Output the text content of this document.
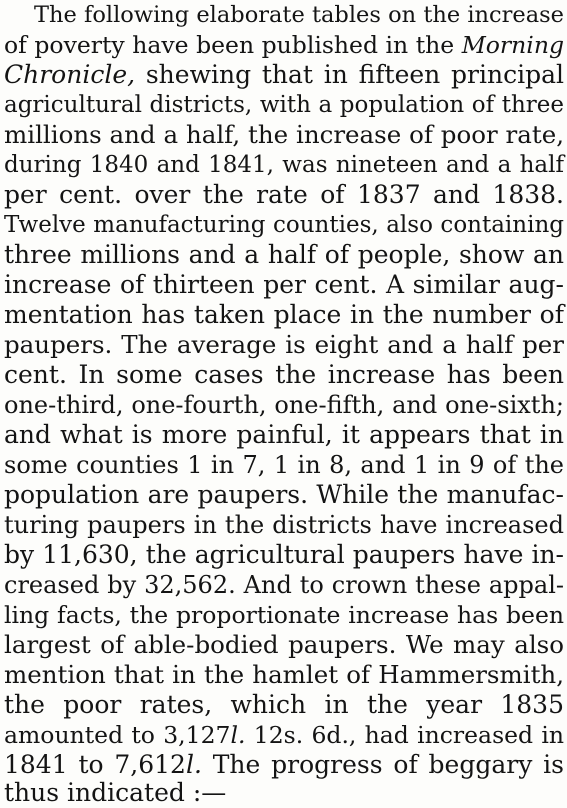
The following elaborate tables on the increase
of poverty have been published in the Morning
Chronicle, shewing that in fifteen principal
agricultural districts, with a population of three
millions and a half, the increase of poor rate,
during 1840 and 1841, was nineteen and a half
per cent. over the rate of 1837 and 1838.
Twelve manufacturing counties, also containing
three millions and a half of people, show an
increase of thirteen per cent. A similar aug-
mentation has taken place in the number of
paupers. The average is eight and a half per
cent. In some cases the increase has been
one-third, one-fourth, one-fifth, and one-sixth;
and what is more painful, it appears that in
some counties 1 in 7, 1 in 8, and 1 in 9 of the
population are paupers. While the manufac-
turing paupers in the districts have increased
by 11,630, the agricultural paupers have in-
creased by 32,562. And to crown these appal-
ling facts, the proportionate increase has been
largest of able-bodied paupers. We may also
mention that in the hamlet of Hammersmith,
the poor rates, which in the year 1835
amounted to 3,127l. 12s. 6d., had increased in
1841 to 7,612l. The progress of beggary is
thus indicated :—
